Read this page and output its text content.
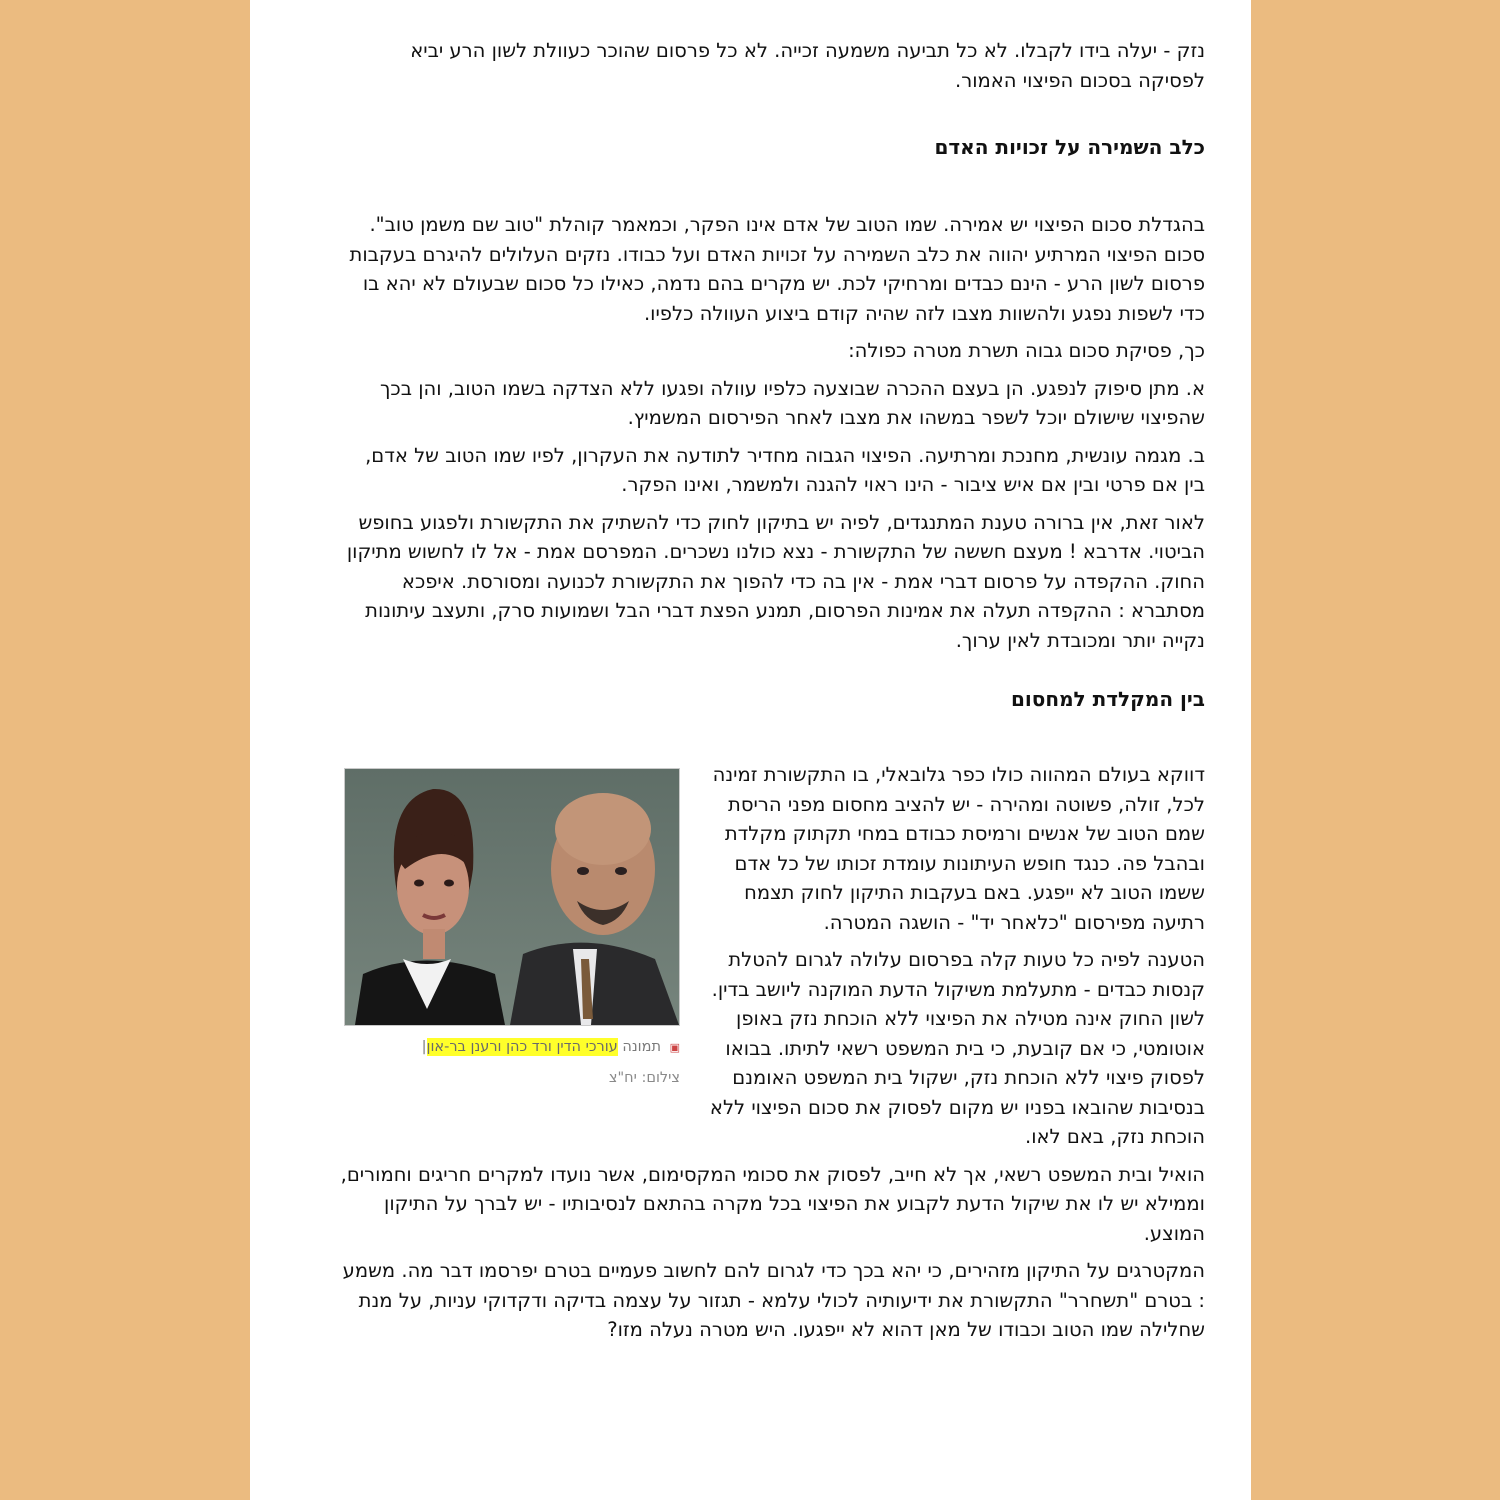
נזק - יעלה בידו לקבלו. לא כל תביעה משמעה זכייה. לא כל פרסום שהוכר כעוולת לשון הרע יביא לפסיקה בסכום הפיצוי האמור.

כלב השמירה על זכויות האדם

בהגדלת סכום הפיצוי יש אמירה. שמו הטוב של אדם אינו הפקר, וכמאמר קוהלת "טוב שם משמן טוב". סכום הפיצוי המרתיע יהווה את כלב השמירה על זכויות האדם ועל כבודו. נזקים העלולים להיגרם בעקבות פרסום לשון הרע - הינם כבדים ומרחיקי לכת. יש מקרים בהם נדמה, כאילו כל סכום שבעולם לא יהא בו כדי לשפות נפגע ולהשוות מצבו לזה שהיה קודם ביצוע העוולה כלפיו.

כך, פסיקת סכום גבוה תשרת מטרה כפולה:

א. מתן סיפוק לנפגע. הן בעצם ההכרה שבוצעה כלפיו עוולה ופגעו ללא הצדקה בשמו הטוב, והן בכך שהפיצוי שישולם יוכל לשפר במשהו את מצבו לאחר הפירסום המשמיץ.

ב. מגמה עונשית, מחנכת ומרתיעה. הפיצוי הגבוה מחדיר לתודעה את העקרון, לפיו שמו הטוב של אדם, בין אם פרטי ובין אם איש ציבור - הינו ראוי להגנה ולמשמר, ואינו הפקר.

לאור זאת, אין ברורה טענת המתנגדים, לפיה יש בתיקון לחוק כדי להשתיק את התקשורת ולפגוע בחופש הביטוי. אדרבא ! מעצם חששה של התקשורת - נצא כולנו נשכרים. המפרסם אמת - אל לו לחשוש מתיקון החוק. ההקפדה על פרסום דברי אמת - אין בה כדי להפוך את התקשורת לכנועה ומסורסת. איפכא מסתברא : ההקפדה תעלה את אמינות הפרסום, תמנע הפצת דברי הבל ושמועות סרק, ותעצב עיתונות נקייה יותר ומכובדת לאין ערוך.

בין המקלדת למחסום
▣ תמונה עורכי הדין ורד כהן ורענן בר-און|
צילום: יח"צ

דווקא בעולם המהווה כולו כפר גלובאלי, בו התקשורת זמינה לכל, זולה, פשוטה ומהירה - יש להציב מחסום מפני הריסת שמם הטוב של אנשים ורמיסת כבודם במחי תקתוק מקלדת ובהבל פה. כנגד חופש העיתונות עומדת זכותו של כל אדם ששמו הטוב לא ייפגע. באם בעקבות התיקון לחוק תצמח רתיעה מפירסום "כלאחר יד" - הושגה המטרה.

הטענה לפיה כל טעות קלה בפרסום עלולה לגרום להטלת קנסות כבדים - מתעלמת משיקול הדעת המוקנה ליושב בדין. לשון החוק אינה מטילה את הפיצוי ללא הוכחת נזק באופן אוטומטי, כי אם קובעת, כי בית המשפט רשאי לתיתו. בבואו לפסוק פיצוי ללא הוכחת נזק, ישקול בית המשפט האומנם בנסיבות שהובאו בפניו יש מקום לפסוק את סכום הפיצוי ללא הוכחת נזק, באם לאו.

הואיל ובית המשפט רשאי, אך לא חייב, לפסוק את סכומי המקסימום, אשר נועדו למקרים חריגים וחמורים, וממילא יש לו את שיקול הדעת לקבוע את הפיצוי בכל מקרה בהתאם לנסיבותיו - יש לברך על התיקון המוצע.

המקטרגים על התיקון מזהירים, כי יהא בכך כדי לגרום להם לחשוב פעמיים בטרם יפרסמו דבר מה. משמע : בטרם "תשחרר" התקשורת את ידיעותיה לכולי עלמא - תגזור על עצמה בדיקה ודקדוקי עניות, על מנת שחלילה שמו הטוב וכבודו של מאן דהוא לא ייפגעו. היש מטרה נעלה מזו?
